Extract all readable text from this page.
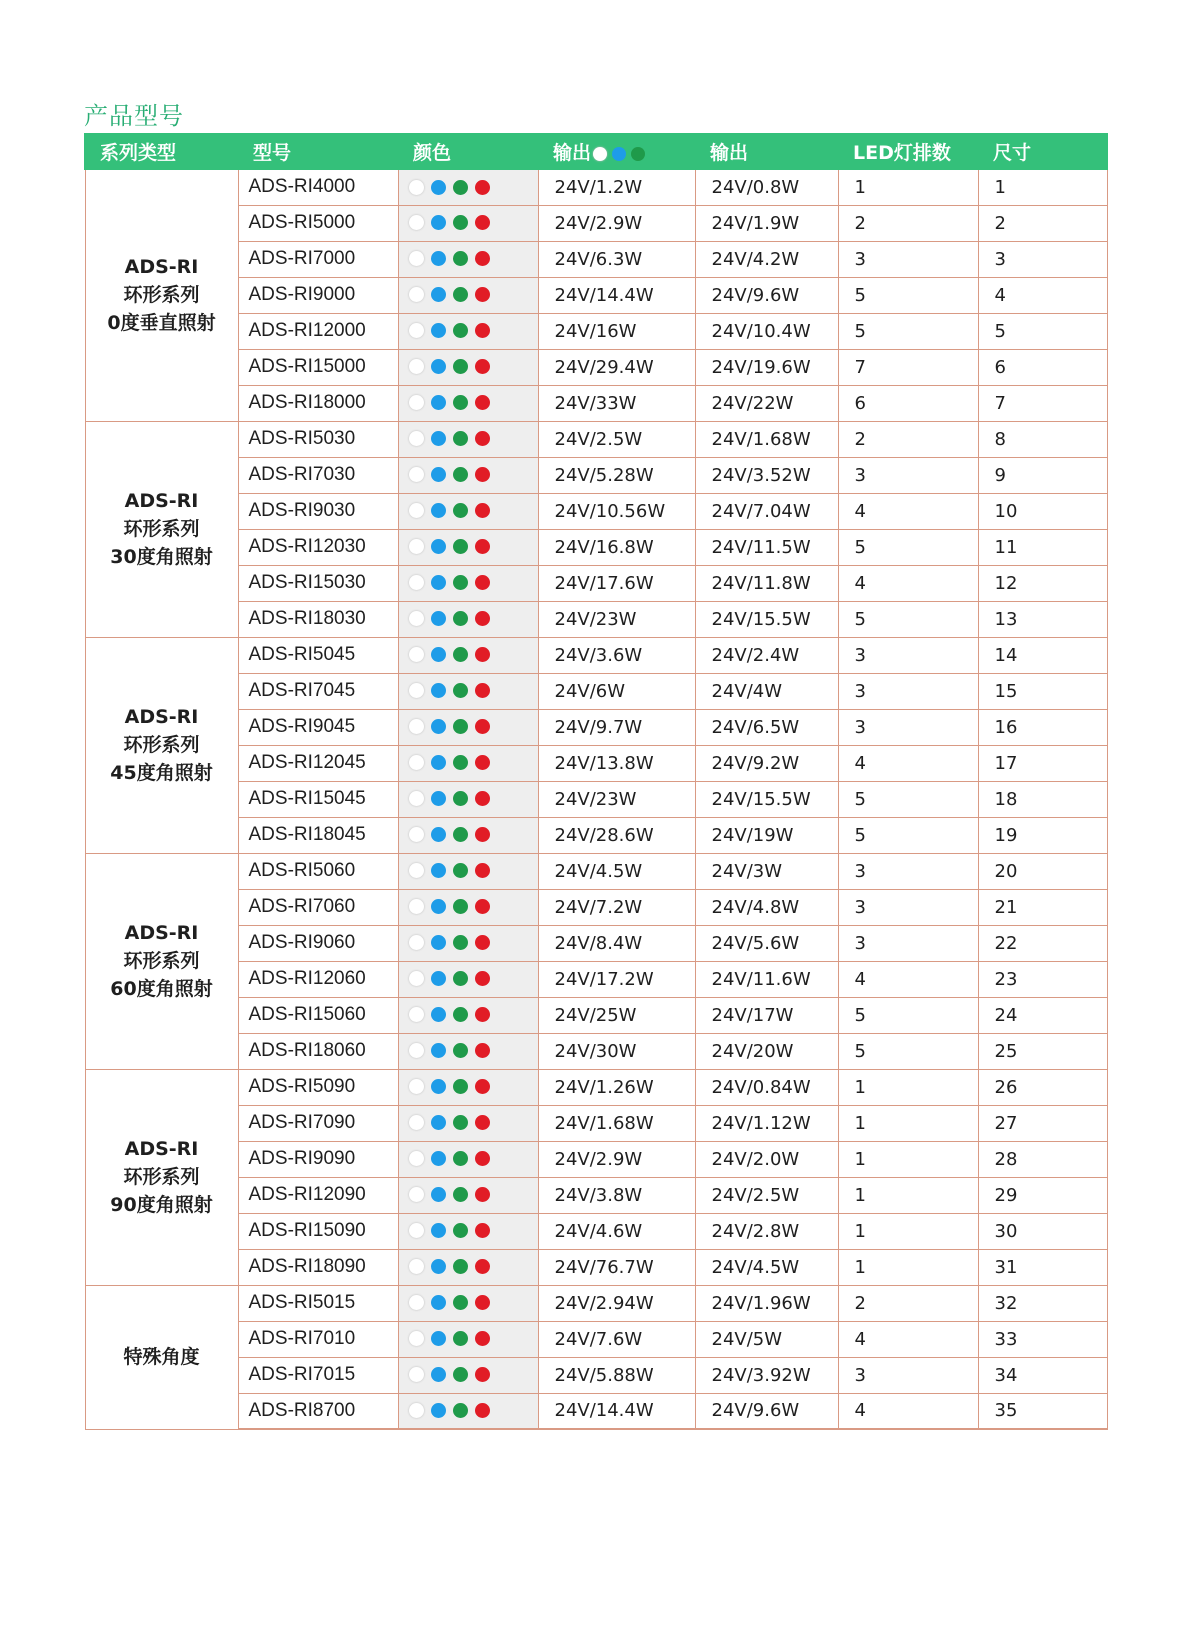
产品型号
系列类型	型号	颜色	输出	输出	LED灯排数	尺寸

ADS-RI
环形系列
0度垂直照射	ADS-RI4000		24V/1.2W	24V/0.8W	1	1
	ADS-RI5000		24V/2.9W	24V/1.9W	2	2
	ADS-RI7000		24V/6.3W	24V/4.2W	3	3
	ADS-RI9000		24V/14.4W	24V/9.6W	5	4
	ADS-RI12000		24V/16W	24V/10.4W	5	5
	ADS-RI15000		24V/29.4W	24V/19.6W	7	6
	ADS-RI18000		24V/33W	24V/22W	6	7

ADS-RI
环形系列
30度角照射	ADS-RI5030		24V/2.5W	24V/1.68W	2	8
	ADS-RI7030		24V/5.28W	24V/3.52W	3	9
	ADS-RI9030		24V/10.56W	24V/7.04W	4	10
	ADS-RI12030		24V/16.8W	24V/11.5W	5	11
	ADS-RI15030		24V/17.6W	24V/11.8W	4	12
	ADS-RI18030		24V/23W	24V/15.5W	5	13

ADS-RI
环形系列
45度角照射	ADS-RI5045		24V/3.6W	24V/2.4W	3	14
	ADS-RI7045		24V/6W	24V/4W	3	15
	ADS-RI9045		24V/9.7W	24V/6.5W	3	16
	ADS-RI12045		24V/13.8W	24V/9.2W	4	17
	ADS-RI15045		24V/23W	24V/15.5W	5	18
	ADS-RI18045		24V/28.6W	24V/19W	5	19

ADS-RI
环形系列
60度角照射	ADS-RI5060		24V/4.5W	24V/3W	3	20
	ADS-RI7060		24V/7.2W	24V/4.8W	3	21
	ADS-RI9060		24V/8.4W	24V/5.6W	3	22
	ADS-RI12060		24V/17.2W	24V/11.6W	4	23
	ADS-RI15060		24V/25W	24V/17W	5	24
	ADS-RI18060		24V/30W	24V/20W	5	25

ADS-RI
环形系列
90度角照射	ADS-RI5090		24V/1.26W	24V/0.84W	1	26
	ADS-RI7090		24V/1.68W	24V/1.12W	1	27
	ADS-RI9090		24V/2.9W	24V/2.0W	1	28
	ADS-RI12090		24V/3.8W	24V/2.5W	1	29
	ADS-RI15090		24V/4.6W	24V/2.8W	1	30
	ADS-RI18090		24V/76.7W	24V/4.5W	1	31

特殊角度	ADS-RI5015		24V/2.94W	24V/1.96W	2	32
	ADS-RI7010		24V/7.6W	24V/5W	4	33
	ADS-RI7015		24V/5.88W	24V/3.92W	3	34
	ADS-RI8700		24V/14.4W	24V/9.6W	4	35
